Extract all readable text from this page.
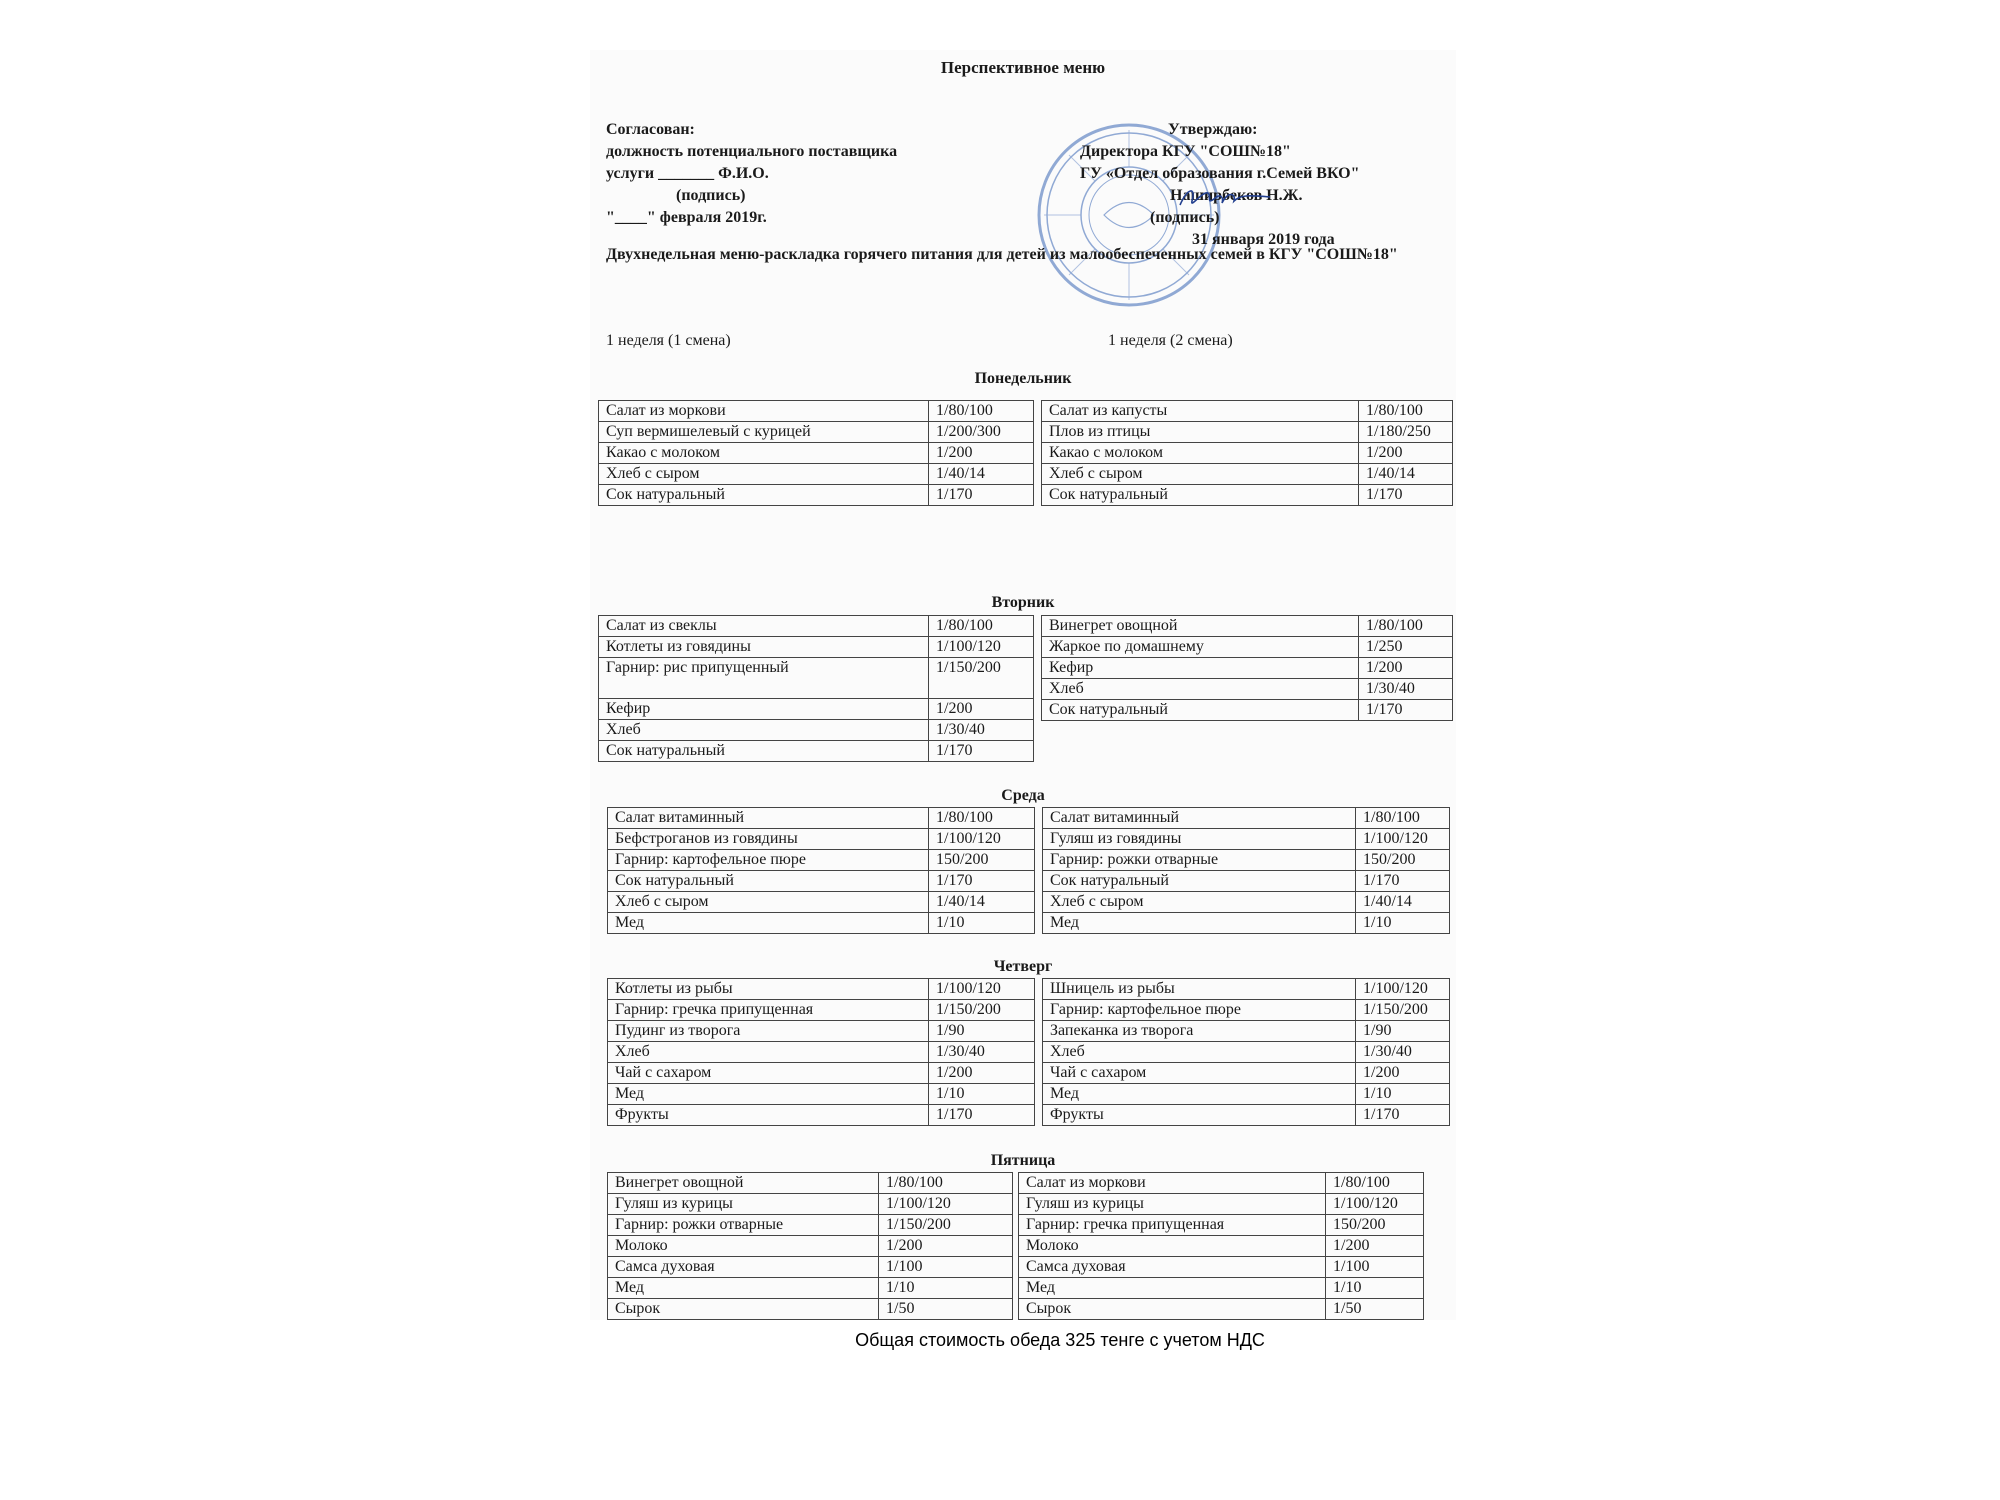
Перспективное меню
Согласован:
должность потенциального поставщика
услуги _______ Ф.И.О.

(подпись)
"____" февраля 2019г.
Утверждаю:
Директора КГУ "СОШ№18"
ГУ «Отдел образования г.Семей ВКО"

Наширбеков Н.Ж.
(подпись)
31 января 2019 года
Двухнедельная меню-раскладка горячего питания для детей из малообеспеченных семей в КГУ "СОШ№18"
1 неделя (1 смена)	1 неделя (2 смена)
Понедельник
Салат из моркови	1/80/100
Суп вермишелевый с курицей	1/200/300
Какао с молоком	1/200
Хлеб с сыром	1/40/14
Сок натуральный	1/170
Салат из капусты	1/80/100
Плов из птицы	1/180/250
Какао с молоком	1/200
Хлеб с сыром	1/40/14
Сок натуральный	1/170
Вторник
Салат из свеклы	1/80/100
Котлеты из говядины	1/100/120
Гарнир: рис припущенный	1/150/200
Кефир	1/200
Хлеб	1/30/40
Сок натуральный	1/170
Винегрет овощной	1/80/100
Жаркое по домашнему	1/250
Кефир	1/200
Хлеб	1/30/40
Сок натуральный	1/170
Среда
Салат витаминный	1/80/100
Бефстроганов из говядины	1/100/120
Гарнир: картофельное пюре	150/200
Сок натуральный	1/170
Хлеб с сыром	1/40/14
Мед	1/10
Салат витаминный	1/80/100
Гуляш из говядины	1/100/120
Гарнир: рожки отварные	150/200
Сок натуральный	1/170
Хлеб с сыром	1/40/14
Мед	1/10
Четверг
Котлеты из рыбы	1/100/120
Гарнир: гречка припущенная	1/150/200
Пудинг из творога	1/90
Хлеб	1/30/40
Чай с сахаром	1/200
Мед	1/10
Фрукты	1/170
Шницель из рыбы	1/100/120
Гарнир: картофельное пюре	1/150/200
Запеканка из творога	1/90
Хлеб	1/30/40
Чай с сахаром	1/200
Мед	1/10
Фрукты	1/170
Пятница
Винегрет овощной	1/80/100
Гуляш из курицы	1/100/120
Гарнир: рожки отварные	1/150/200
Молоко	1/200
Самса духовая	1/100
Мед	1/10
Сырок	1/50
Салат из моркови	1/80/100
Гуляш из курицы	1/100/120
Гарнир: гречка припущенная	150/200
Молоко	1/200
Самса духовая	1/100
Мед	1/10
Сырок	1/50
Общая стоимость обеда 325 тенге с учетом НДС
